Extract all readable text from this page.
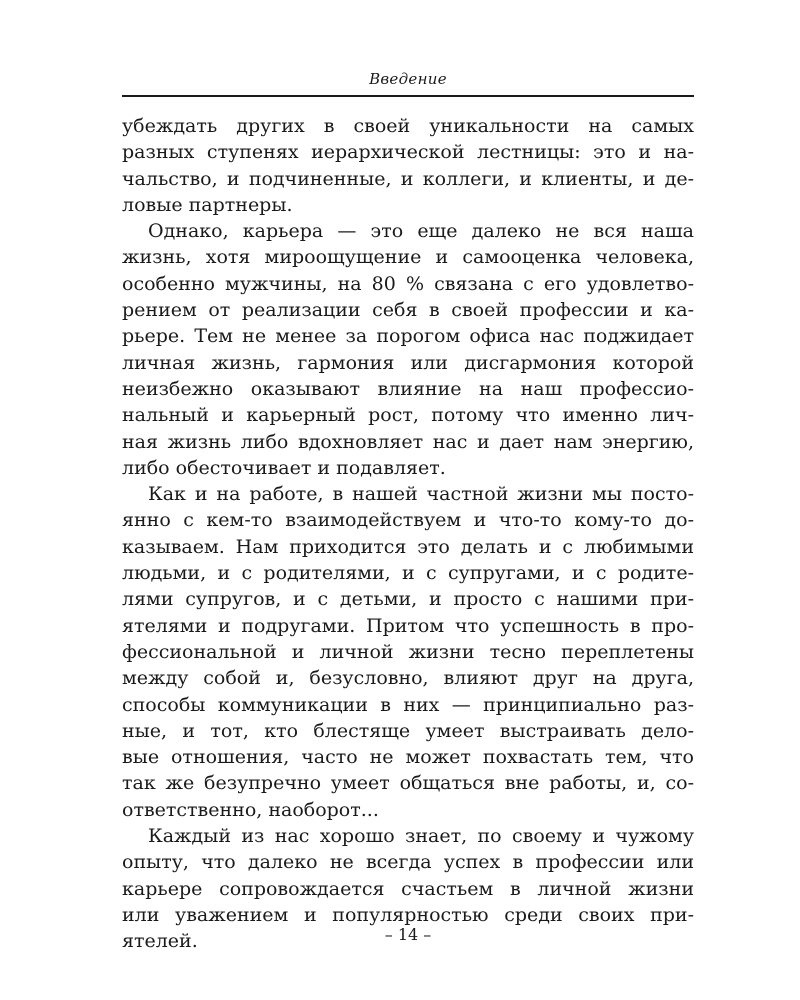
Введение
убеждать других в своей уникальности на самых
разных ступенях иерархической лестницы: это и на-
чальство, и подчиненные, и коллеги, и клиенты, и де-
ловые партнеры.
Однако, карьера — это еще далеко не вся наша
жизнь, хотя мироощущение и самооценка человека,
особенно мужчины, на 80 % связана с его удовлетво-
рением от реализации себя в своей профессии и ка-
рьере. Тем не менее за порогом офиса нас поджидает
личная жизнь, гармония или дисгармония которой
неизбежно оказывают влияние на наш профессио-
нальный и карьерный рост, потому что именно лич-
ная жизнь либо вдохновляет нас и дает нам энергию,
либо обесточивает и подавляет.
Как и на работе, в нашей частной жизни мы посто-
янно с кем-то взаимодействуем и что-то кому-то до-
казываем. Нам приходится это делать и с любимыми
людьми, и с родителями, и с супругами, и с родите-
лями супругов, и с детьми, и просто с нашими при-
ятелями и подругами. Притом что успешность в про-
фессиональной и личной жизни тесно переплетены
между собой и, безусловно, влияют друг на друга,
способы коммуникации в них — принципиально раз-
ные, и тот, кто блестяще умеет выстраивать дело-
вые отношения, часто не может похвастать тем, что
так же безупречно умеет общаться вне работы, и, со-
ответственно, наоборот...
Каждый из нас хорошо знает, по своему и чужому
опыту, что далеко не всегда успех в профессии или
карьере сопровождается счастьем в личной жизни
или уважением и популярностью среди своих при-
ятелей.	– 14 –
